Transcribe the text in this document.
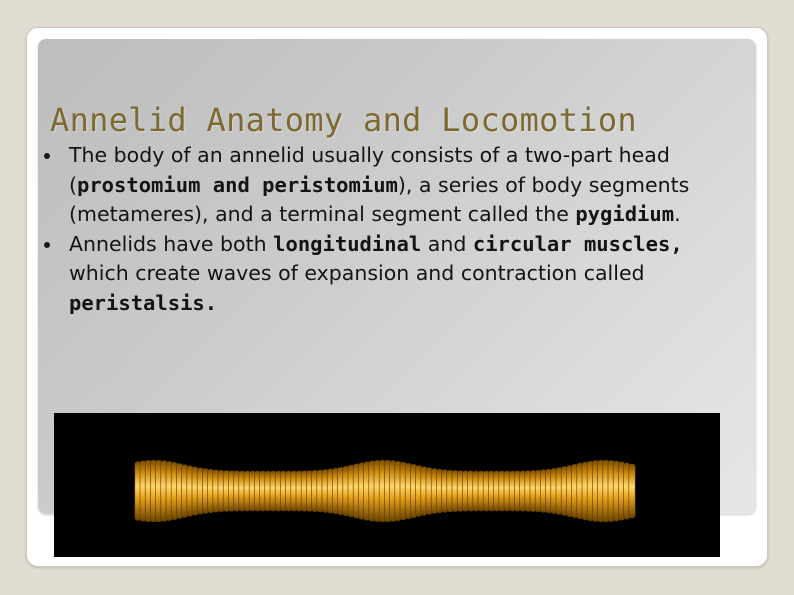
Annelid Anatomy and Locomotion
The body of an annelid usually consists of a two-part head (prostomium and peristomium), a series of body segments (metameres), and a terminal segment called the pygidium.
Annelids have both longitudinal and circular muscles, which create waves of expansion and contraction called peristalsis.
